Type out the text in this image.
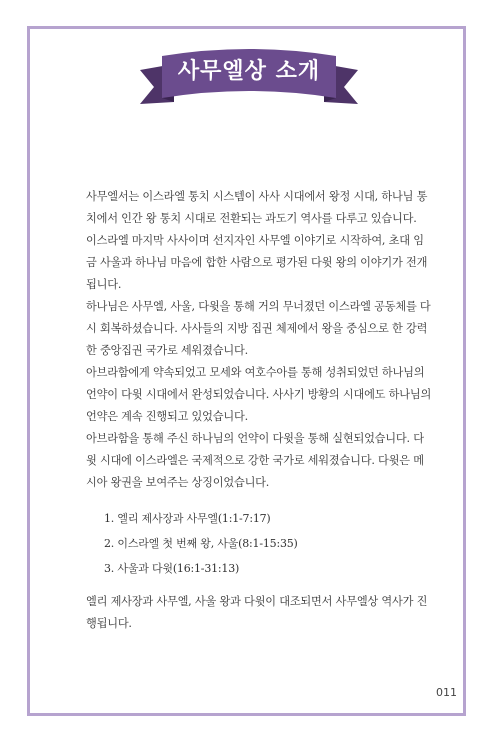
사무엘상 소개

사무엘서는 이스라엘 통치 시스템이 사사 시대에서 왕정 시대, 하나님 통치에서 인간 왕 통치 시대로 전환되는 과도기 역사를 다루고 있습니다.

이스라엘 마지막 사사이며 선지자인 사무엘 이야기로 시작하여, 초대 임금 사울과 하나님 마음에 합한 사람으로 평가된 다윗 왕의 이야기가 전개됩니다.

하나님은 사무엘, 사울, 다윗을 통해 거의 무너졌던 이스라엘 공동체를 다시 회복하셨습니다. 사사들의 지방 집권 체제에서 왕을 중심으로 한 강력한 중앙집권 국가로 세워졌습니다.

아브라함에게 약속되었고 모세와 여호수아를 통해 성취되었던 하나님의 언약이 다윗 시대에서 완성되었습니다. 사사기 방황의 시대에도 하나님의 언약은 계속 진행되고 있었습니다.

아브라함을 통해 주신 하나님의 언약이 다윗을 통해 실현되었습니다. 다윗 시대에 이스라엘은 국제적으로 강한 국가로 세워졌습니다. 다윗은 메시아 왕권을 보여주는 상징이었습니다.

1. 엘리 제사장과 사무엘(1:1-7:17)
2. 이스라엘 첫 번째 왕, 사울(8:1-15:35)
3. 사울과 다윗(16:1-31:13)

엘리 제사장과 사무엘, 사울 왕과 다윗이 대조되면서 사무엘상 역사가 진행됩니다.

011
